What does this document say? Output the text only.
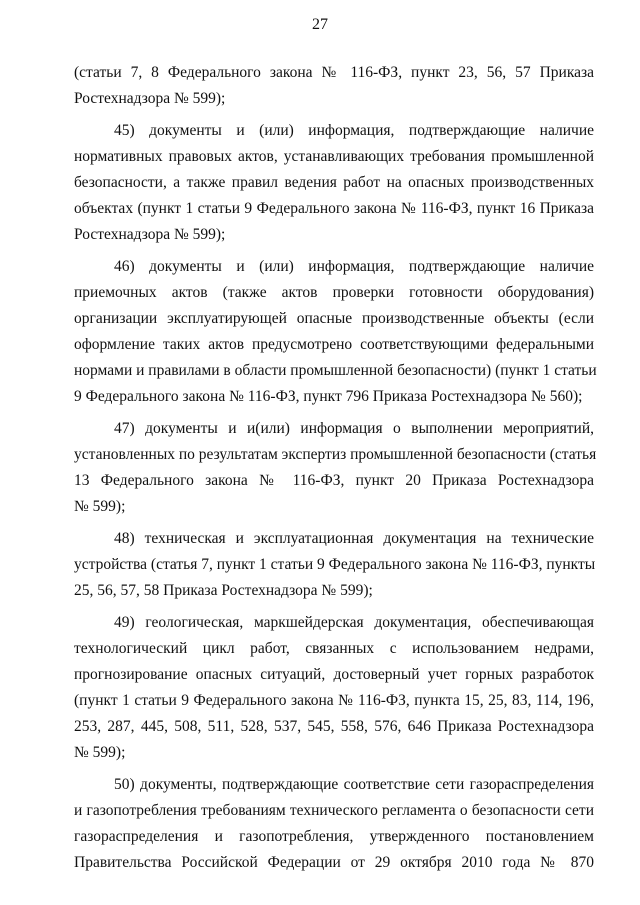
27
(статьи 7, 8 Федерального закона № 116-ФЗ, пункт 23, 56, 57 Приказа
Ростехнадзора № 599);
45) документы и (или) информация, подтверждающие наличие
нормативных правовых актов, устанавливающих требования промышленной
безопасности, а также правил ведения работ на опасных производственных
объектах (пункт 1 статьи 9 Федерального закона № 116-ФЗ, пункт 16 Приказа
Ростехнадзора № 599);
46) документы и (или) информация, подтверждающие наличие
приемочных актов (также актов проверки готовности оборудования)
организации эксплуатирующей опасные производственные объекты (если
оформление таких актов предусмотрено соответствующими федеральными
нормами и правилами в области промышленной безопасности) (пункт 1 статьи
9 Федерального закона № 116-ФЗ, пункт 796 Приказа Ростехнадзора № 560);
47) документы и и(или) информация о выполнении мероприятий,
установленных по результатам экспертиз промышленной безопасности (статья
13 Федерального закона № 116-ФЗ, пункт 20 Приказа Ростехнадзора
№ 599);
48) техническая и эксплуатационная документация на технические
устройства (статья 7, пункт 1 статьи 9 Федерального закона № 116-ФЗ, пункты
25, 56, 57, 58 Приказа Ростехнадзора № 599);
49) геологическая, маркшейдерская документация, обеспечивающая
технологический цикл работ, связанных с использованием недрами,
прогнозирование опасных ситуаций, достоверный учет горных разработок
(пункт 1 статьи 9 Федерального закона № 116-ФЗ, пункта 15, 25, 83, 114, 196,
253, 287, 445, 508, 511, 528, 537, 545, 558, 576, 646 Приказа Ростехнадзора
№ 599);
50) документы, подтверждающие соответствие сети газораспределения
и газопотребления требованиям технического регламента о безопасности сети
газораспределения и газопотребления, утвержденного постановлением
Правительства Российской Федерации от 29 октября 2010 года № 870
